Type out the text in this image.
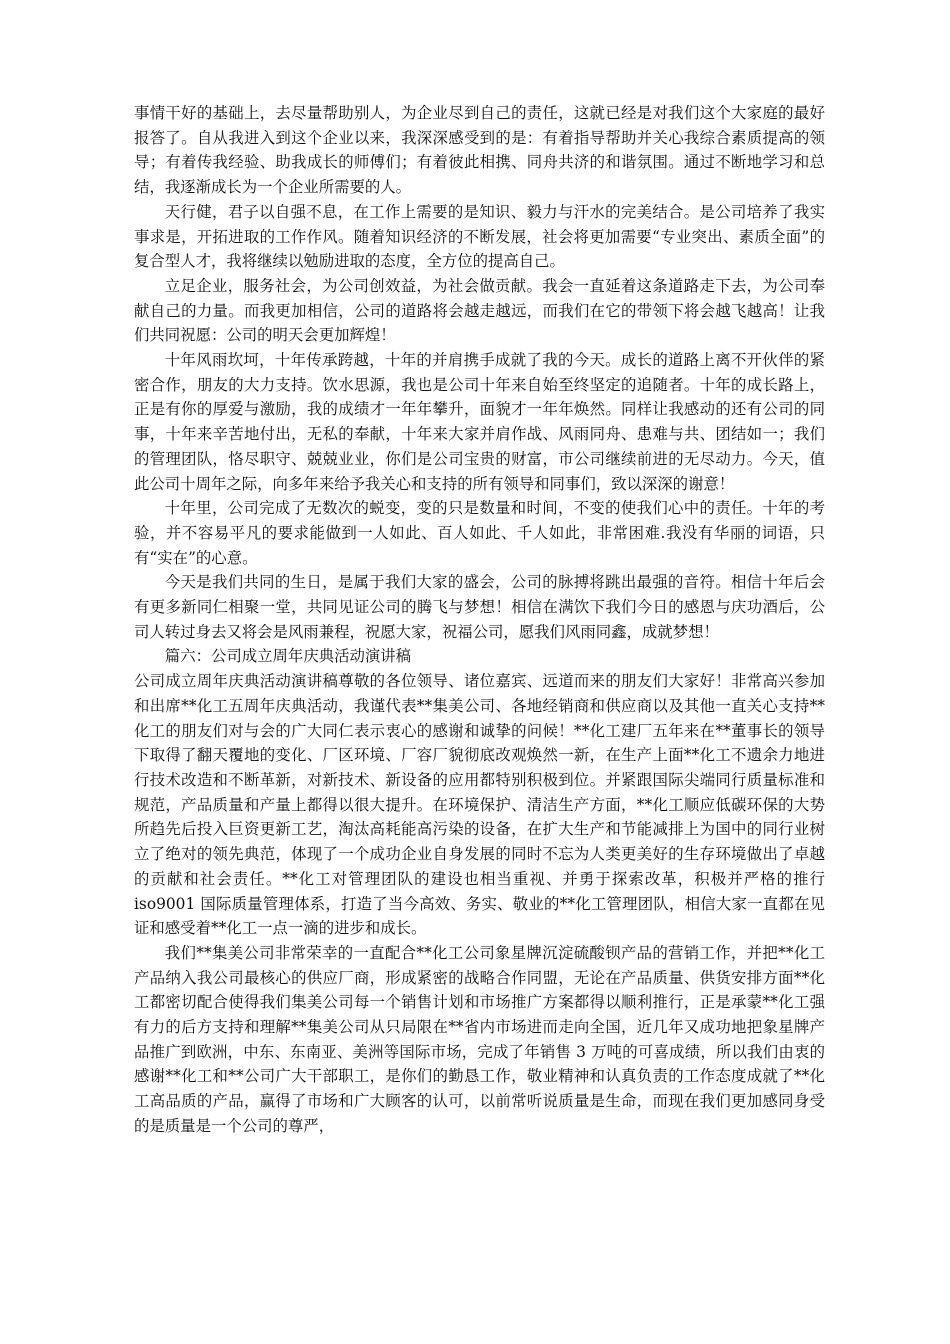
事情干好的基础上，去尽量帮助别人，为企业尽到自己的责任，这就已经是对我们这个大家庭的最好报答了。自从我进入到这个企业以来，我深深感受到的是：有着指导帮助并关心我综合素质提高的领导；有着传我经验、助我成长的师傅们；有着彼此相携、同舟共济的和谐氛围。通过不断地学习和总结，我逐渐成长为一个企业所需要的人。

天行健，君子以自强不息，在工作上需要的是知识、毅力与汗水的完美结合。是公司培养了我实事求是，开拓进取的工作作风。随着知识经济的不断发展，社会将更加需要“专业突出、素质全面”的复合型人才，我将继续以勉励进取的态度，全方位的提高自己。

立足企业，服务社会，为公司创效益，为社会做贡献。我会一直延着这条道路走下去，为公司奉献自己的力量。而我更加相信，公司的道路将会越走越远，而我们在它的带领下将会越飞越高！让我们共同祝愿：公司的明天会更加辉煌！

十年风雨坎坷，十年传承跨越，十年的并肩携手成就了我的今天。成长的道路上离不开伙伴的紧密合作，朋友的大力支持。饮水思源，我也是公司十年来自始至终坚定的追随者。十年的成长路上，正是有你的厚爱与激励，我的成绩才一年年攀升，面貌才一年年焕然。同样让我感动的还有公司的同事，十年来辛苦地付出，无私的奉献，十年来大家并肩作战、风雨同舟、患难与共、团结如一；我们的管理团队，恪尽职守、兢兢业业，你们是公司宝贵的财富，市公司继续前进的无尽动力。今天，值此公司十周年之际，向多年来给予我关心和支持的所有领导和同事们，致以深深的谢意！

十年里，公司完成了无数次的蜕变，变的只是数量和时间，不变的使我们心中的责任。十年的考验，并不容易平凡的要求能做到一人如此、百人如此、千人如此，非常困难.我没有华丽的词语，只有“实在”的心意。

今天是我们共同的生日，是属于我们大家的盛会，公司的脉搏将跳出最强的音符。相信十年后会有更多新同仁相聚一堂，共同见证公司的腾飞与梦想！相信在满饮下我们今日的感恩与庆功酒后，公司人转过身去又将会是风雨兼程，祝愿大家，祝福公司，愿我们风雨同鑫，成就梦想！

篇六：公司成立周年庆典活动演讲稿

公司成立周年庆典活动演讲稿尊敬的各位领导、诸位嘉宾、远道而来的朋友们大家好！非常高兴参加和出席**化工五周年庆典活动，我谨代表**集美公司、各地经销商和供应商以及其他一直关心支持**化工的朋友们对与会的广大同仁表示衷心的感谢和诚挚的问候！**化工建厂五年来在**董事长的领导下取得了翻天覆地的变化、厂区环境、厂容厂貌彻底改观焕然一新，在生产上面**化工不遗余力地进行技术改造和不断革新，对新技术、新设备的应用都特别积极到位。并紧跟国际尖端同行质量标准和规范，产品质量和产量上都得以很大提升。在环境保护、清洁生产方面，**化工顺应低碳环保的大势所趋先后投入巨资更新工艺，淘汰高耗能高污染的设备，在扩大生产和节能减排上为国中的同行业树立了绝对的领先典范，体现了一个成功企业自身发展的同时不忘为人类更美好的生存环境做出了卓越的贡献和社会责任。**化工对管理团队的建设也相当重视、并勇于探索改革，积极并严格的推行 iso9001 国际质量管理体系，打造了当今高效、务实、敬业的**化工管理团队，相信大家一直都在见证和感受着**化工一点一滴的进步和成长。

我们**集美公司非常荣幸的一直配合**化工公司象星牌沉淀硫酸钡产品的营销工作，并把**化工产品纳入我公司最核心的供应厂商，形成紧密的战略合作同盟，无论在产品质量、供货安排方面**化工都密切配合使得我们集美公司每一个销售计划和市场推广方案都得以顺利推行，正是承蒙**化工强有力的后方支持和理解**集美公司从只局限在**省内市场进而走向全国，近几年又成功地把象星牌产品推广到欧洲，中东、东南亚、美洲等国际市场，完成了年销售 3 万吨的可喜成绩，所以我们由衷的感谢**化工和**公司广大干部职工，是你们的勤恳工作，敬业精神和认真负责的工作态度成就了**化工高品质的产品，赢得了市场和广大顾客的认可，以前常听说质量是生命，而现在我们更加感同身受的是质量是一个公司的尊严，
